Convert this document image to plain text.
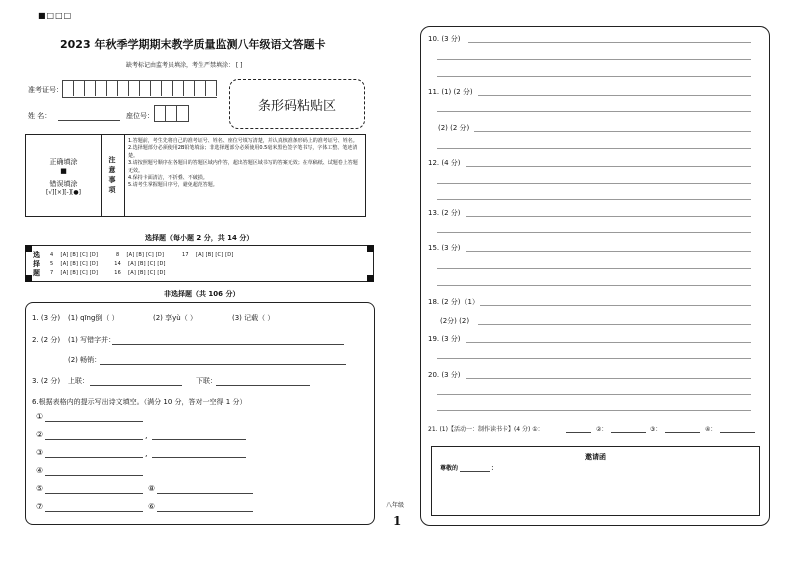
■□□□
2023 年秋季学期期末教学质量监测八年级语文答题卡
缺考标记由监考员填涂，考生严禁填涂： [ ]
准考证号：
姓 名：	座位号：
条形码粘贴区
正确填涂
■
错误填涂
[√][×][-][●]
注 意 事 项
1.答题前，考生先将自己的准考证号、姓名、座位号填写清楚，并认真核准条形码上的准考证号、姓名。
2.选择题部分必须使用2B铅笔填涂；非选择题部分必须使用0.5毫米黑色签字笔书写，字体工整、笔迹清楚。
3.请按照题号顺序在各题目的答题区域内作答，超出答题区域书写的答案无效；在草稿纸、试题卷上答题无效。
4.保持卡面清洁，不折叠、不破损。
5.请考生掌握题目序号，避免超范答题。
选择题（每小题 2 分，共 14 分）
选
择
题
4    [A] [B] [C] [D]          8    [A] [B] [C] [D]          17    [A] [B] [C] [D]
5    [A] [B] [C] [D]         14    [A] [B] [C] [D]
7    [A] [B] [C] [D]         16    [A] [B] [C] [D]
非选择题（共 106 分）
1. (3 分) (1) qīng倒（ ）	(2) 享yù（ ）	(3) 记载（ ）
2. (2 分) (1) 写错字并：
(2) 畅销：
3. (2 分) 上联：	下联：
6.根据表格内的提示写出诗文填空。（满分 10 分，答对一空得 1 分）
①
②	,
③	,
④
⑤	⑧
⑦	⑥	八年级
1
10. (3 分)
11. (1) (2 分)
(2) (2 分)
12. (4 分)
13. (2 分)
15. (3 分)
18. (2 分)（1）
(2分) (2)
19. (3 分)
20. (3 分)
21. (1)【活动一：制作读书卡】(4 分) ①：	②：	③：	④：
邀请函
尊敬的	：
